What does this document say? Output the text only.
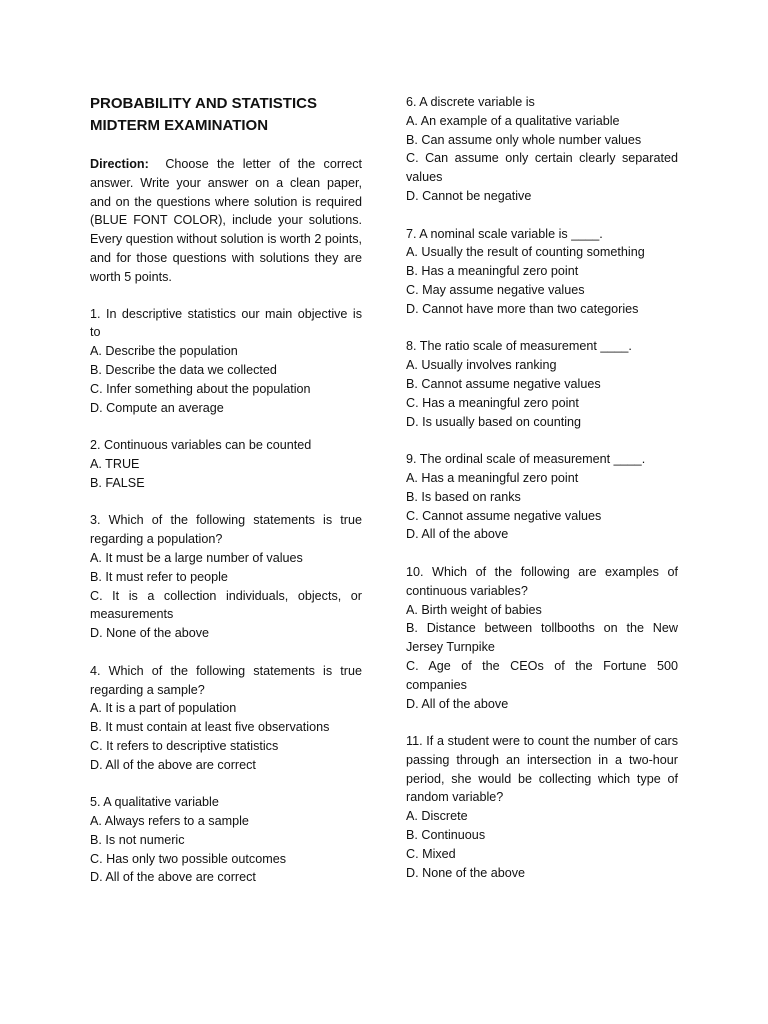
PROBABILITY AND STATISTICS
MIDTERM EXAMINATION
Direction: Choose the letter of the correct answer. Write your answer on a clean paper, and on the questions where solution is required (BLUE FONT COLOR), include your solutions. Every question without solution is worth 2 points, and for those questions with solutions they are worth 5 points.
1. In descriptive statistics our main objective is to
A. Describe the population
B. Describe the data we collected
C. Infer something about the population
D. Compute an average
2. Continuous variables can be counted
A. TRUE
B. FALSE
3. Which of the following statements is true regarding a population?
A. It must be a large number of values
B. It must refer to people
C. It is a collection individuals, objects, or measurements
D. None of the above
4. Which of the following statements is true regarding a sample?
A. It is a part of population
B. It must contain at least five observations
C. It refers to descriptive statistics
D. All of the above are correct
5. A qualitative variable
A. Always refers to a sample
B. Is not numeric
C. Has only two possible outcomes
D. All of the above are correct
6. A discrete variable is
A. An example of a qualitative variable
B. Can assume only whole number values
C. Can assume only certain clearly separated values
D. Cannot be negative
7. A nominal scale variable is ____.
A. Usually the result of counting something
B. Has a meaningful zero point
C. May assume negative values
D. Cannot have more than two categories
8. The ratio scale of measurement ____.
A. Usually involves ranking
B. Cannot assume negative values
C. Has a meaningful zero point
D. Is usually based on counting
9. The ordinal scale of measurement ____.
A. Has a meaningful zero point
B. Is based on ranks
C. Cannot assume negative values
D. All of the above
10. Which of the following are examples of continuous variables?
A. Birth weight of babies
B. Distance between tollbooths on the New Jersey Turnpike
C. Age of the CEOs of the Fortune 500 companies
D. All of the above
11. If a student were to count the number of cars passing through an intersection in a two-hour period, she would be collecting which type of random variable?
A. Discrete
B. Continuous
C. Mixed
D. None of the above
